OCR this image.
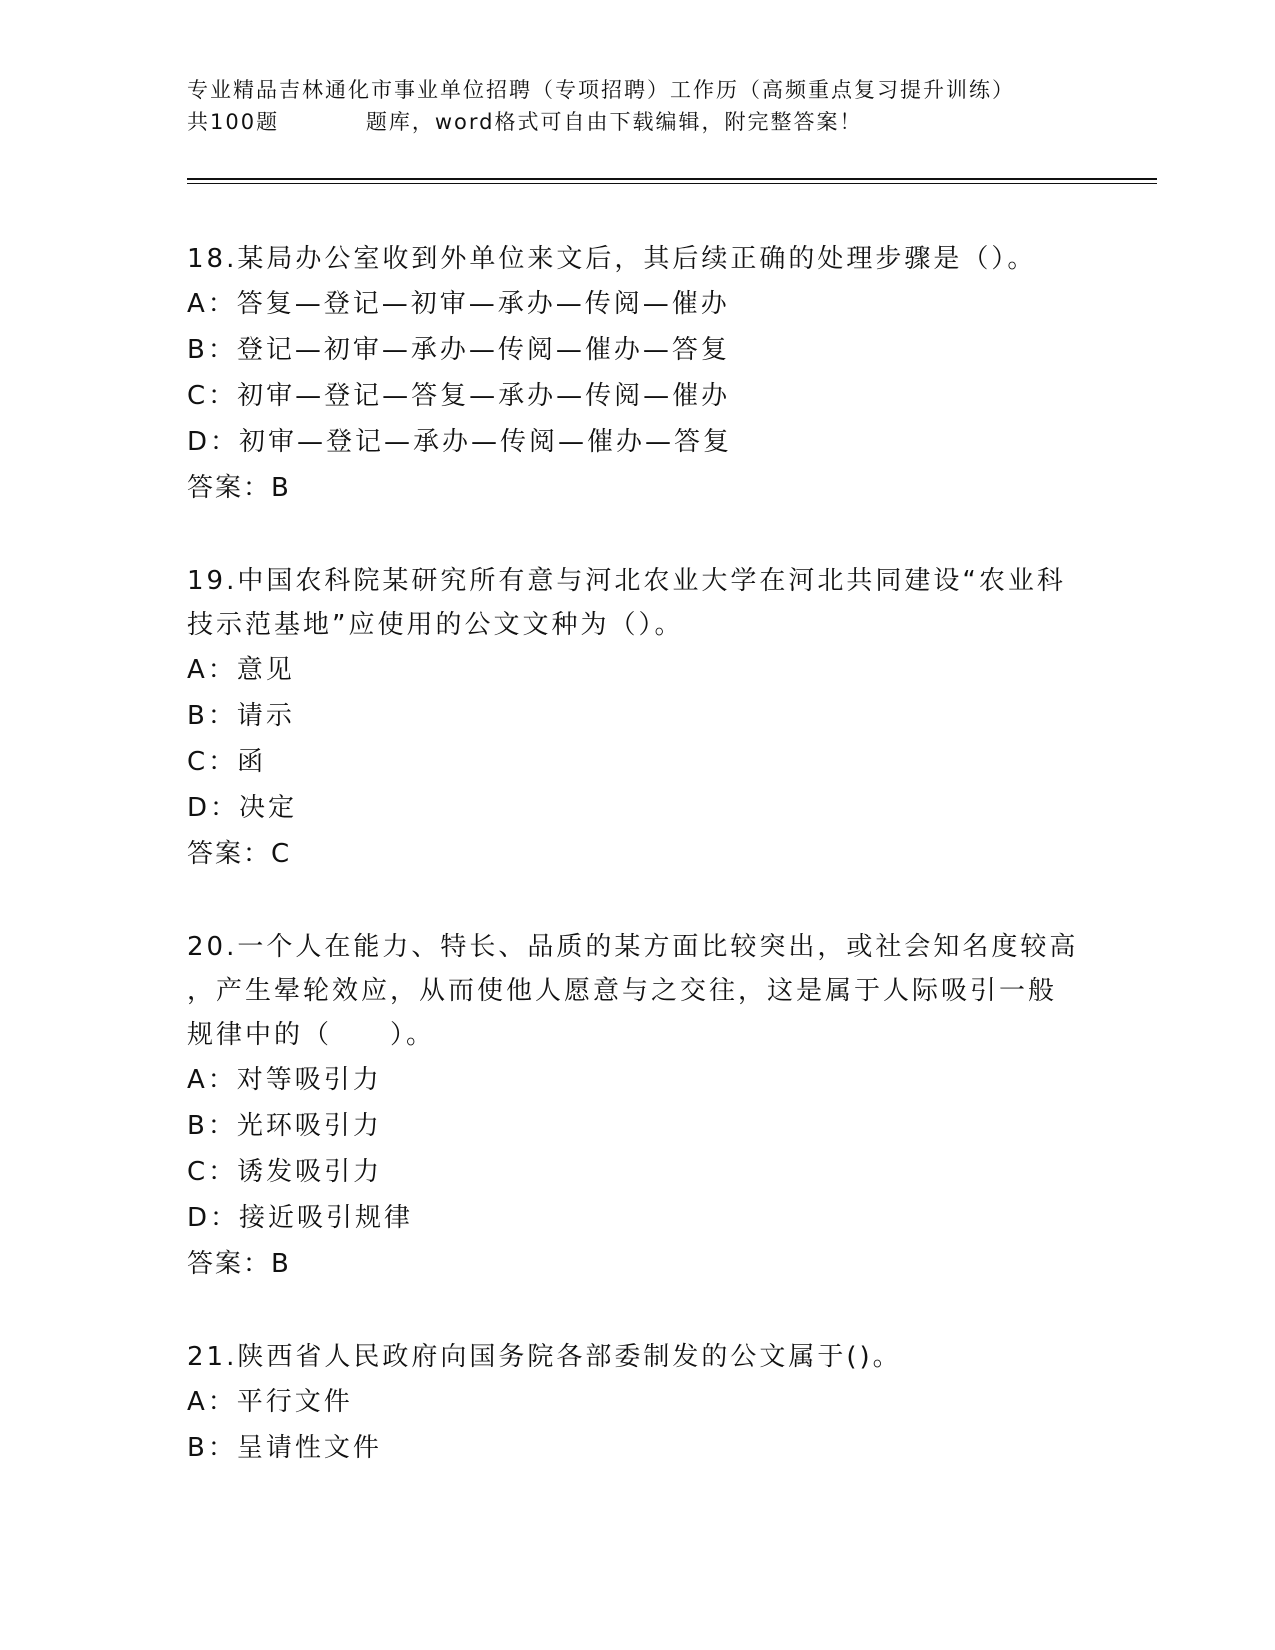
专业精品吉林通化市事业单位招聘（专项招聘）工作历（高频重点复习提升训练）
共100题          题库，word格式可自由下载编辑，附完整答案！
18.某局办公室收到外单位来文后，其后续正确的处理步骤是（）。
A：答复—登记—初审—承办—传阅—催办
B：登记—初审—承办—传阅—催办—答复
C：初审—登记—答复—承办—传阅—催办
D：初审—登记—承办—传阅—催办—答复
答案：B
19.中国农科院某研究所有意与河北农业大学在河北共同建设“农业科
技示范基地”应使用的公文文种为（）。
A：意见
B：请示
C：函
D：决定
答案：C
20.一个人在能力、特长、品质的某方面比较突出，或社会知名度较高
，产生晕轮效应，从而使他人愿意与之交往，这是属于人际吸引一般
规律中的（　　）。
A：对等吸引力
B：光环吸引力
C：诱发吸引力
D：接近吸引规律
答案：B
21.陕西省人民政府向国务院各部委制发的公文属于()。
A：平行文件
B：呈请性文件
